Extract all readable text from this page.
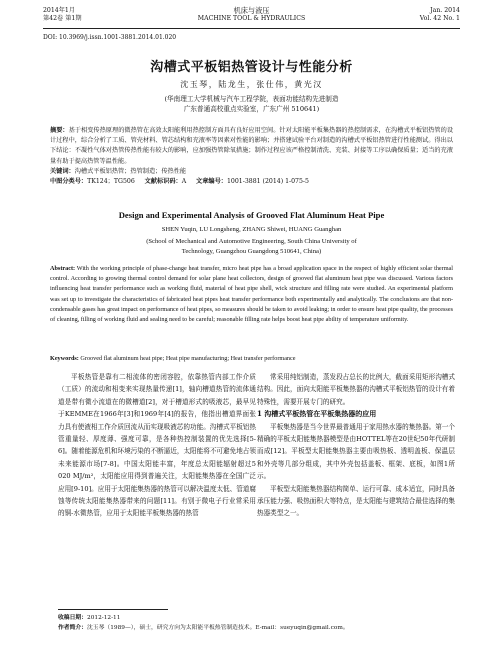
2014年1月
第42卷 第1期
机床与液压
MACHINE TOOL & HYDRAULICS
Jan. 2014
Vol. 42 No. 1
DOI: 10.3969/j.issn.1001-3881.2014.01.020
沟槽式平板铝热管设计与性能分析
沈玉琴，陆龙生，张仕伟，黄光汉
(华南理工大学机械与汽车工程学院，表面功能结构先进制造
广东普通高校重点实验室，广东广州 510641)
摘要：基于相变传热原理的微热管在高效太阳能利用热控制方面具有良好应用空间。针对太阳能平板集热器的热控制需求，在沟槽式平板铝热管的设计过程中，综合分析了工质、管壳材料、管芯结构和充液率等因素对性能的影响；并搭建试验平台对制造的沟槽式平板铝热管进行性能测试。得出以下结论：不凝性气体对热管传热性能有较大的影响，应加强热管除氧措施；制作过程应该严格控制清洗、充装、封接等工序以确保质量；适当的充液量有助于提高热管等温性能。
关键词：沟槽式平板铝热管；热管制造；传热性能
中图分类号：TK124；TG506 文献标识码：A 文章编号：1001-3881 (2014) 1-075-5
Design and Experimental Analysis of Grooved Flat Aluminum Heat Pipe
SHEN Yuqin, LU Longsheng, ZHANG Shiwei, HUANG Guanghan
(School of Mechanical and Automotive Engineering, South China University of
Technology, Guangzhou Guangdong 510641, China)
Abstract: With the working principle of phase-change heat transfer, micro heat pipe has a broad application space in the respect of highly efficient solar thermal control. According to growing thermal control demand for solar plane heat collectors, design of grooved flat aluminum heat pipe was discussed. Various factors influencing heat transfer performance such as working fluid, material of heat pipe shell, wick structure and filling rate were studied. An experimental platform was set up to investigate the characteristics of fabricated heat pipes heat transfer performance both experimentally and analytically. The conclusions are that non-condensable gases has great impact on performance of heat pipes, so measures should be taken to avoid leaking; in order to ensure heat pipe quality, the processes of cleaning, filling of working fluid and sealing need to be careful; reasonable filling rate helps boost heat pipe ability of temperature uniformity.
Keywords: Grooved flat aluminum heat pipe; Heat pipe manufacturing; Heat transfer performance

平板热管是靠有二相流体的密闭容腔，依靠热管内部工作介质（工质）的流动和相变来实现热量传递[1]，轴向槽道热管的流体通道是带有微小流道在的微槽道[2]，对于槽道形式的吸液芯，最早见于KEMME在1966年[3]和1969年[4]的报告，他指出槽道界面张力具有使液相工作介质回流从而实现吸液芯的功能。沟槽式平板铝热管重量轻、厚度薄、强度可靠，是各种热控制装置的优先选择[5-6]。随着能源危机和环境污染的不断逼近，太阳能将不可避免地占领未来能源市场[7-8]。中国太阳能丰富，年度总太阳能辐射超过5 020 MJ/m²，太阳能应用得到普遍关注，太阳能集热器在全国广泛应用[9-10]。应用于太阳能集热器的热管可以解决温度太低、管道腐蚀等传统太阳能集热器带来的问题[11]。有别于微电子行业常采用的铜-水微热管，应用于太阳能平板集热器的热管

常采用纯铝制造，蒸发段占总长的比例大，截面采用矩形沟槽式结构。因此，面向太阳能平板集热器的沟槽式平板铝热管的设计有着特殊性，需要开展专门的研究。

1 沟槽式平板热管在平板集热器的应用

平板集热器是当今世界最普通用于家用热水器的集热器。第一个精确的平板太阳能集热器模型是由HOTTEL等在20世纪50年代研制而成[12]。平板型太阳能集热器主要由吸热板、透明盖板、保温层和外壳等几部分组成，其中外壳包括盖板、框架、底板，如图1所示。

平板型太阳能集热器结构简单、运行可靠、成本适宜，同时具备承压能力强、吸热面积大等特点，是太阳能与建筑结合最佳选择的集热器类型之一。

收稿日期：2012-12-11
作者简介：沈玉琴（1989—），硕士，研究方向为太阳能平板热管制造技术。E-mail：sueyuqin@gmail.com。
